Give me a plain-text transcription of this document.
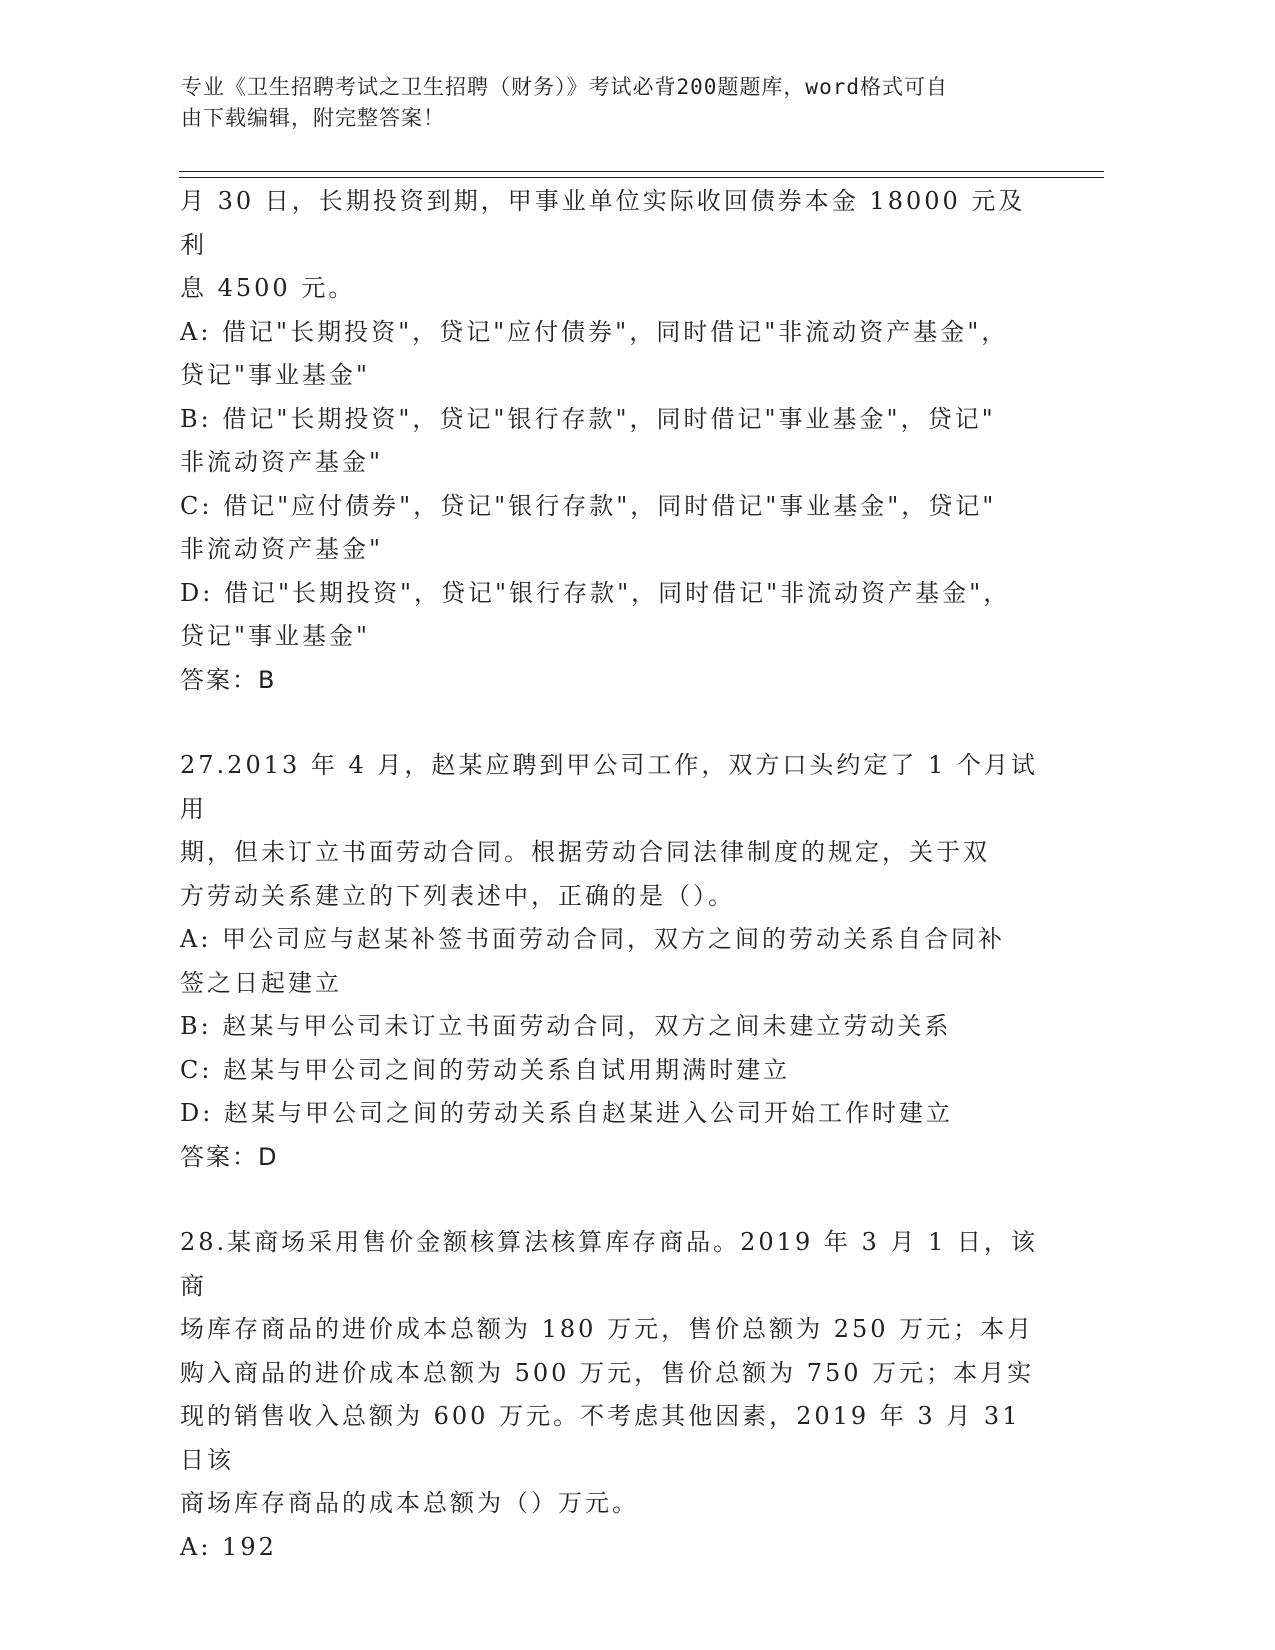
专业《卫生招聘考试之卫生招聘（财务）》考试必背200题题库，word格式可自
由下载编辑，附完整答案！

月 30 日，长期投资到期，甲事业单位实际收回债券本金 18000 元及利

息 4500 元。

A: 借记"长期投资"，贷记"应付债券"，同时借记"非流动资产基金"，

贷记"事业基金"

B: 借记"长期投资"，贷记"银行存款"，同时借记"事业基金"，贷记"

非流动资产基金"

C: 借记"应付债券"，贷记"银行存款"，同时借记"事业基金"，贷记"

非流动资产基金"

D: 借记"长期投资"，贷记"银行存款"，同时借记"非流动资产基金"，

贷记"事业基金"

答案：B

27.2013 年 4 月，赵某应聘到甲公司工作，双方口头约定了 1 个月试用

期，但未订立书面劳动合同。根据劳动合同法律制度的规定，关于双

方劳动关系建立的下列表述中，正确的是（）。

A: 甲公司应与赵某补签书面劳动合同，双方之间的劳动关系自合同补

签之日起建立

B: 赵某与甲公司未订立书面劳动合同，双方之间未建立劳动关系

C: 赵某与甲公司之间的劳动关系自试用期满时建立

D: 赵某与甲公司之间的劳动关系自赵某进入公司开始工作时建立

答案：D

28.某商场采用售价金额核算法核算库存商品。2019 年 3 月 1 日，该商

场库存商品的进价成本总额为 180 万元，售价总额为 250 万元；本月

购入商品的进价成本总额为 500 万元，售价总额为 750 万元；本月实

现的销售收入总额为 600 万元。不考虑其他因素，2019 年 3 月 31 日该

商场库存商品的成本总额为（）万元。

A: 192
